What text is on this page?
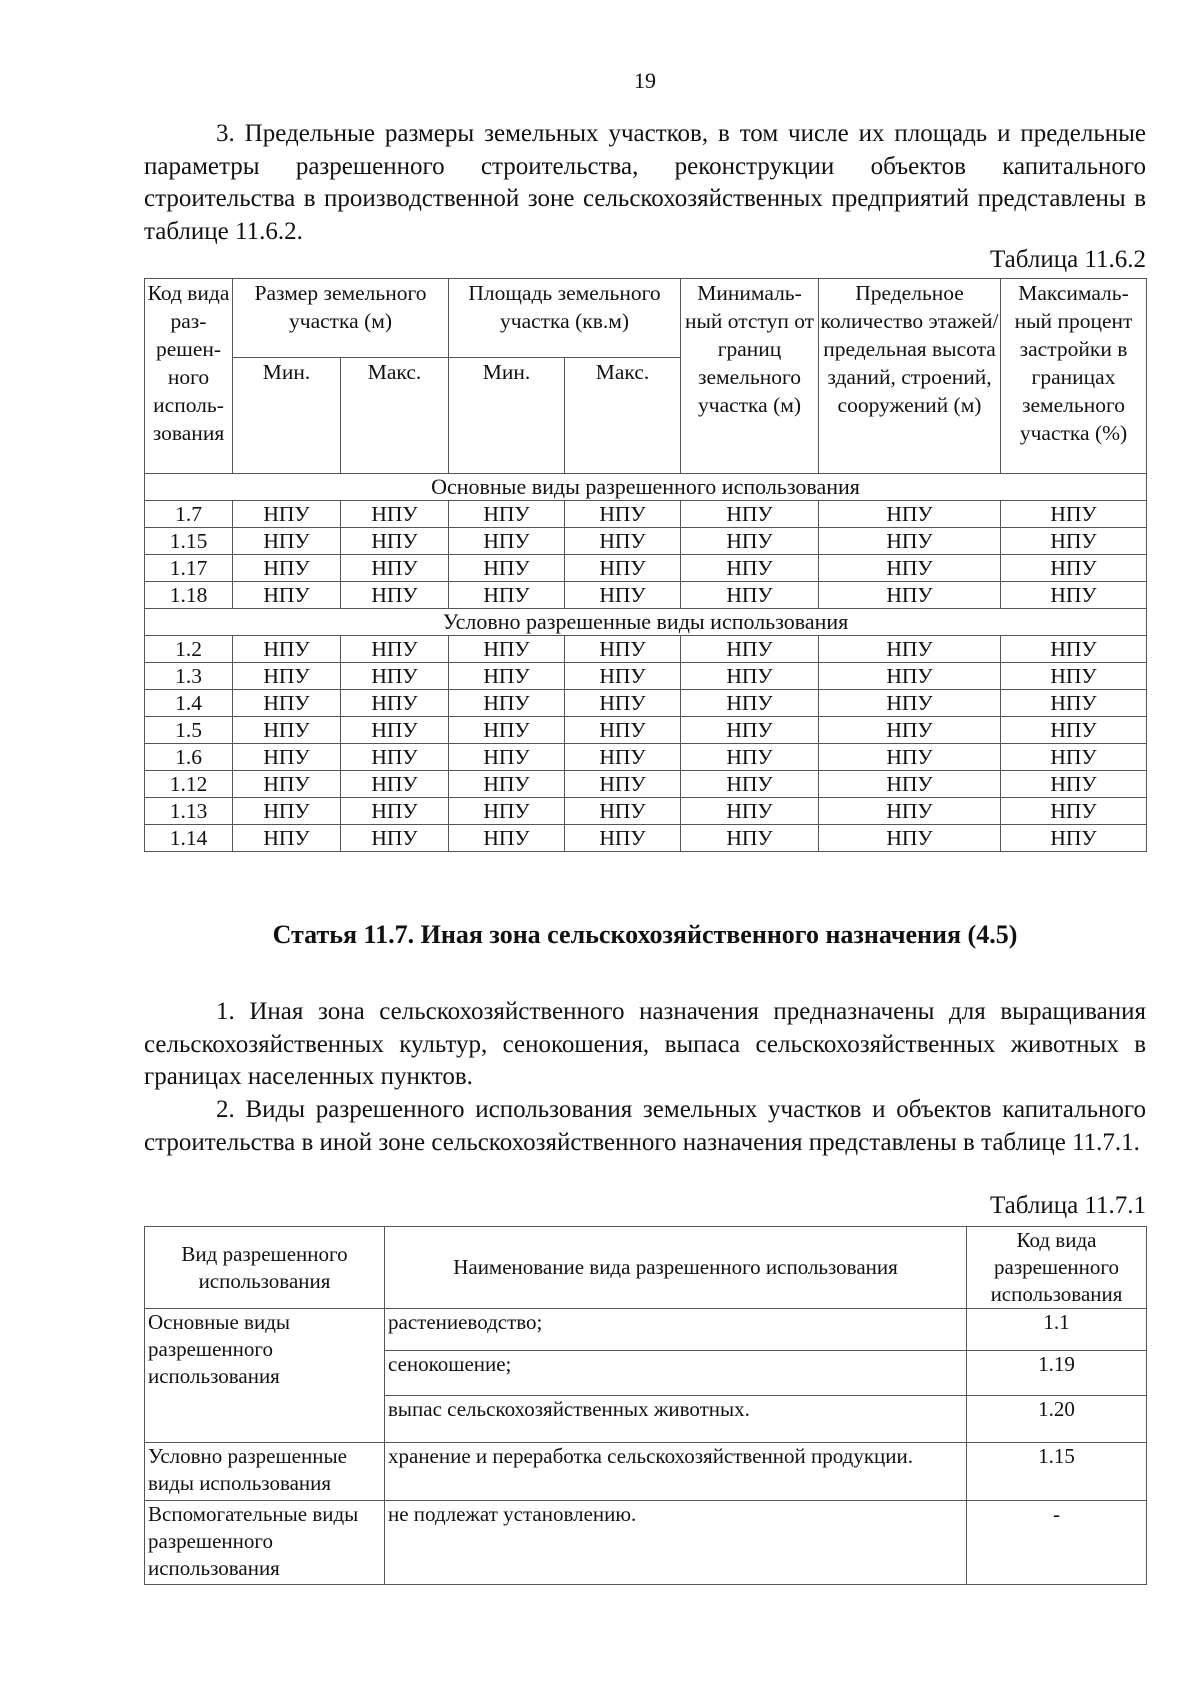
19

3. Предельные размеры земельных участков, в том числе их площадь и предельные параметры разрешенного строительства, реконструкции объектов капитального строительства в производственной зоне сельскохозяйственных предприятий представлены в таблице 11.6.2.

Таблица 11.6.2
Код вида раз-решен-ного исполь-зования	Размер земельного участка (м)		Площадь земельного участка (кв.м)		Минималь-ный отступ от границ земельного участка (м)	Предельное количество этажей/ предельная высота зданий, строений, сооружений (м)	Максималь-ный процент застройки в границах земельного участка (%)
	Мин.	Макс.	Мин.	Макс.			
Основные виды разрешенного использования							
1.7	НПУ	НПУ	НПУ	НПУ	НПУ	НПУ	НПУ
1.15	НПУ	НПУ	НПУ	НПУ	НПУ	НПУ	НПУ
1.17	НПУ	НПУ	НПУ	НПУ	НПУ	НПУ	НПУ
1.18	НПУ	НПУ	НПУ	НПУ	НПУ	НПУ	НПУ
Условно разрешенные виды использования							
1.2	НПУ	НПУ	НПУ	НПУ	НПУ	НПУ	НПУ
1.3	НПУ	НПУ	НПУ	НПУ	НПУ	НПУ	НПУ
1.4	НПУ	НПУ	НПУ	НПУ	НПУ	НПУ	НПУ
1.5	НПУ	НПУ	НПУ	НПУ	НПУ	НПУ	НПУ
1.6	НПУ	НПУ	НПУ	НПУ	НПУ	НПУ	НПУ
1.12	НПУ	НПУ	НПУ	НПУ	НПУ	НПУ	НПУ
1.13	НПУ	НПУ	НПУ	НПУ	НПУ	НПУ	НПУ
1.14	НПУ	НПУ	НПУ	НПУ	НПУ	НПУ	НПУ
Статья 11.7. Иная зона сельскохозяйственного назначения (4.5)

1. Иная зона сельскохозяйственного назначения предназначены для выращивания сельскохозяйственных культур, сенокошения, выпаса сельскохозяйственных животных в границах населенных пунктов.

2. Виды разрешенного использования земельных участков и объектов капитального строительства в иной зоне сельскохозяйственного назначения представлены в таблице 11.7.1.

Таблица 11.7.1
Вид разрешенного использования	Наименование вида разрешенного использования	Код вида разрешенного использования
Основные виды разрешенного использования	растениеводство;	1.1
	сенокошение;	1.19
	выпас сельскохозяйственных животных.	1.20
Условно разрешенные виды использования	хранение и переработка сельскохозяйственной продукции.	1.15
Вспомогательные виды разрешенного использования	не подлежат установлению.	-
